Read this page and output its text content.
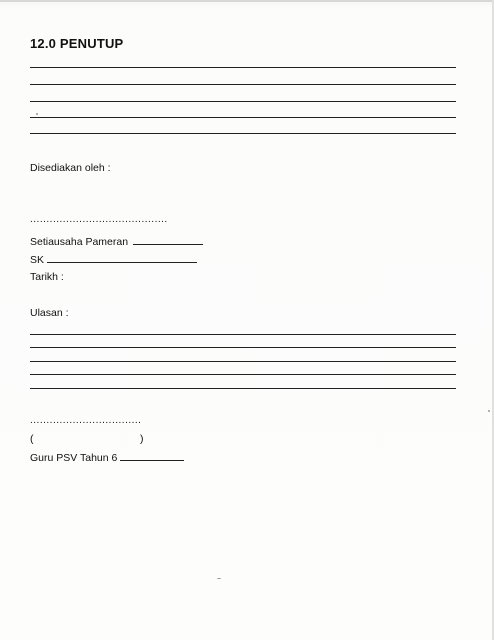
12.0 PENUTUP
Disediakan oleh :
..........................................
Setiausaha Pameran
SK
Tarikh :
Ulasan :
..................................
(	)
Guru PSV Tahun 6
